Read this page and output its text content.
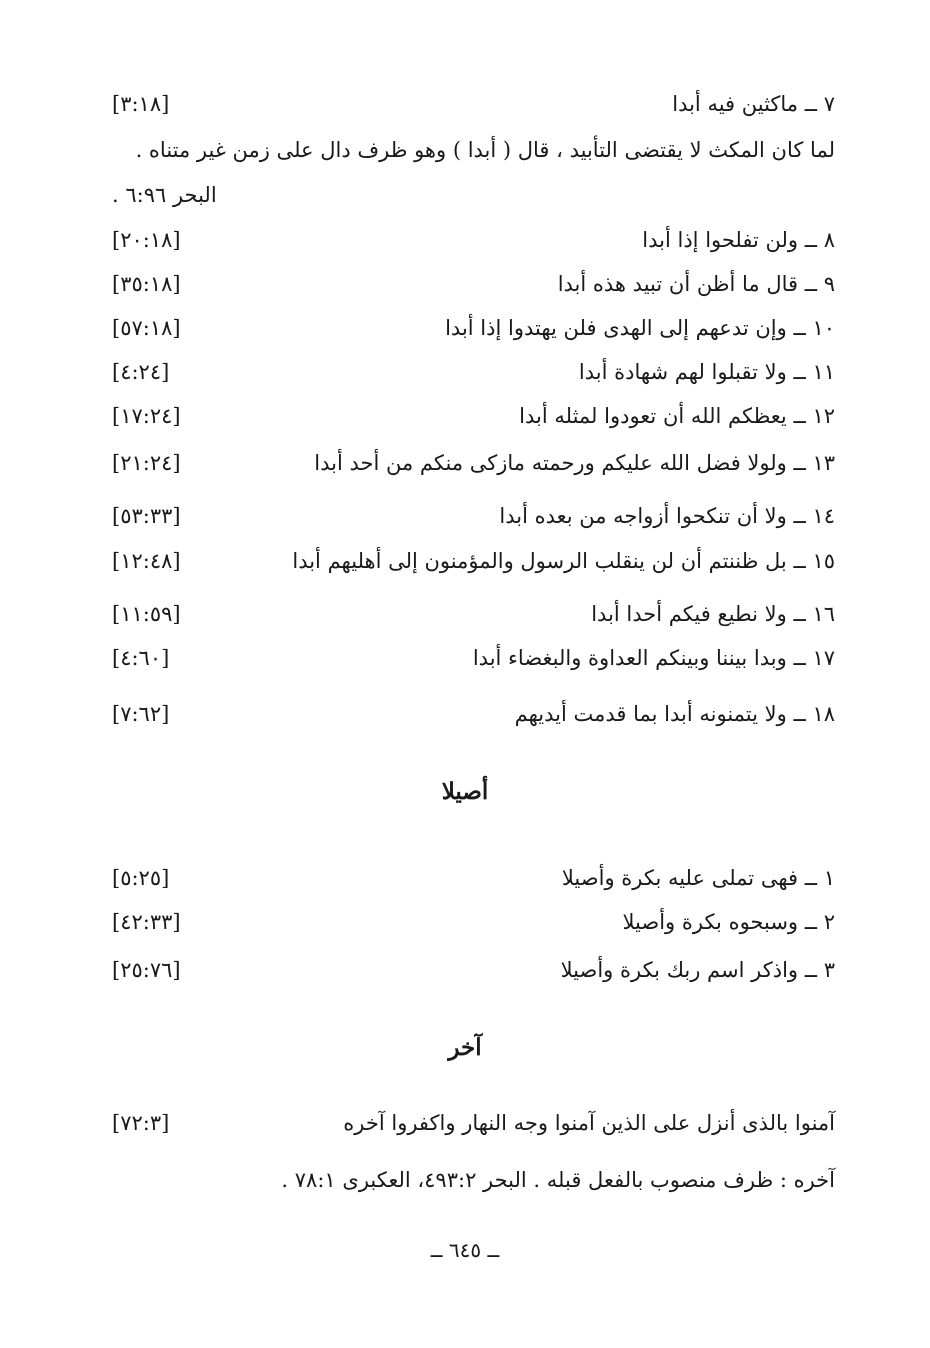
٧ ــ ماكثين فيه أبدا
[٣:١٨]
لما كان المكث لا يقتضى التأبيد ، قال ( أبدا ) وهو ظرف دال على زمن غير متناه .
البحر ٦:٩٦ .
٨ ــ ولن تفلحوا إذا أبدا
[٢٠:١٨]
٩ ــ قال ما أظن أن تبيد هذه أبدا
[٣٥:١٨]
١٠ ــ وإن تدعهم إلى الهدى فلن يهتدوا إذا أبدا
[٥٧:١٨]
١١ ــ ولا تقبلوا لهم شهادة أبدا
[٤:٢٤]
١٢ ــ يعظكم الله أن تعودوا لمثله أبدا
[١٧:٢٤]
١٣ ــ ولولا فضل الله عليكم ورحمته مازكى منكم من أحد أبدا
[٢١:٢٤]
١٤ ــ ولا أن تنكحوا أزواجه من بعده أبدا
[٥٣:٣٣]
١٥ ــ بل ظننتم أن لن ينقلب الرسول والمؤمنون إلى أهليهم أبدا
[١٢:٤٨]
١٦ ــ ولا نطيع فيكم أحدا أبدا
[١١:٥٩]
١٧ ــ وبدا بيننا وبينكم العداوة والبغضاء أبدا
[٤:٦٠]
١٨ ــ ولا يتمنونه أبدا بما قدمت أيديهم
[٧:٦٢]
أصيلا
١ ــ فهى تملى عليه بكرة وأصيلا
[٥:٢٥]
٢ ــ وسبحوه بكرة وأصيلا
[٤٢:٣٣]
٣ ــ واذكر اسم ربك بكرة وأصيلا
[٢٥:٧٦]
آخر
آمنوا بالذى أنزل على الذين آمنوا وجه النهار واكفروا آخره
[٧٢:٣]
آخره : ظرف منصوب بالفعل قبله . البحر ٤٩٣:٢، العكبرى ٧٨:١ .
ــ ٦٤٥ ــ
